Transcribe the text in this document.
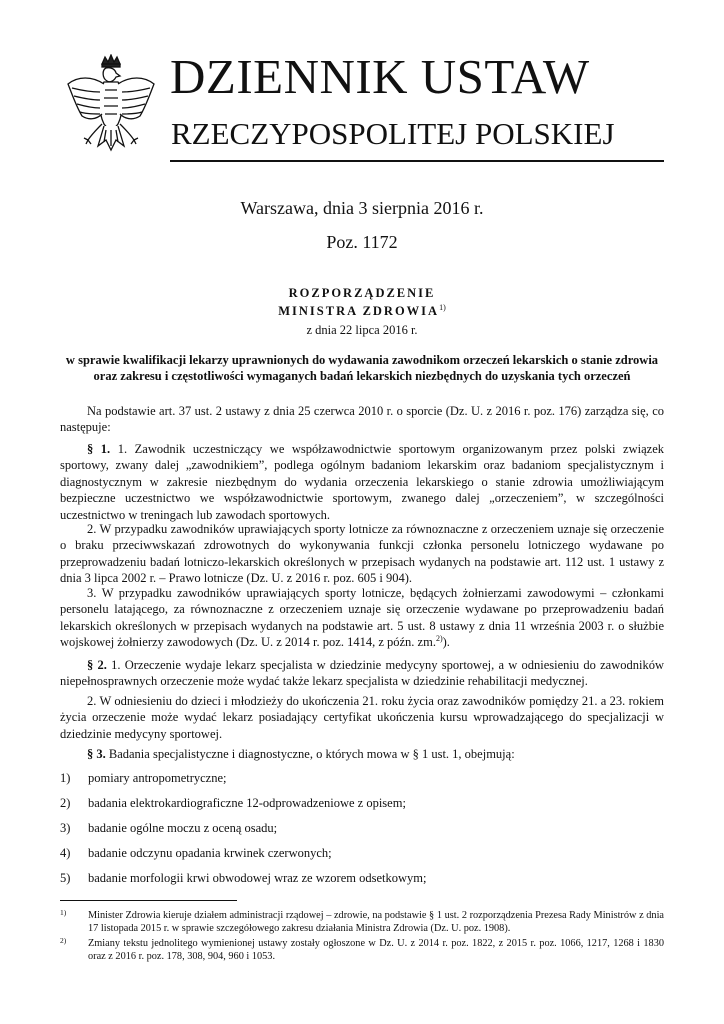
DZIENNIK USTAW
RZECZYPOSPOLITEJ POLSKIEJ
Warszawa, dnia 3 sierpnia 2016 r.
Poz. 1172
ROZPORZĄDZENIE
MINISTRA ZDROWIA$^{1)}$
z dnia 22 lipca 2016 r.
w sprawie kwalifikacji lekarzy uprawnionych do wydawania zawodnikom orzeczeń lekarskich o stanie zdrowia
oraz zakresu i częstotliwości wymaganych badań lekarskich niezbędnych do uzyskania tych orzeczeń

Na podstawie art. 37 ust. 2 ustawy z dnia 25 czerwca 2010 r. o sporcie (Dz. U. z 2016 r. poz. 176) zarządza się, co następuje:

§ 1. 1. Zawodnik uczestniczący we współzawodnictwie sportowym organizowanym przez polski związek sportowy, zwany dalej „zawodnikiem”, podlega ogólnym badaniom lekarskim oraz badaniom specjalistycznym i diagnostycznym w zakresie niezbędnym do wydania orzeczenia lekarskiego o stanie zdrowia umożliwiającym bezpieczne uczestnictwo we współzawodnictwie sportowym, zwanego dalej „orzeczeniem”, w szczególności uczestnictwo w treningach lub zawodach sportowych.

2. W przypadku zawodników uprawiających sporty lotnicze za równoznaczne z orzeczeniem uznaje się orzeczenie o braku przeciwwskazań zdrowotnych do wykonywania funkcji członka personelu lotniczego wydawane po przeprowadzeniu badań lotniczo-lekarskich określonych w przepisach wydanych na podstawie art. 112 ust. 1 ustawy z dnia 3 lipca 2002 r. – Prawo lotnicze (Dz. U. z 2016 r. poz. 605 i 904).

3. W przypadku zawodników uprawiających sporty lotnicze, będących żołnierzami zawodowymi – członkami personelu latającego, za równoznaczne z orzeczeniem uznaje się orzeczenie wydawane po przeprowadzeniu badań lekarskich określonych w przepisach wydanych na podstawie art. 5 ust. 8 ustawy z dnia 11 września 2003 r. o służbie wojskowej żołnierzy zawodowych (Dz. U. z 2014 r. poz. 1414, z późn. zm.$^{2)}$).

§ 2. 1. Orzeczenie wydaje lekarz specjalista w dziedzinie medycyny sportowej, a w odniesieniu do zawodników niepełnosprawnych orzeczenie może wydać także lekarz specjalista w dziedzinie rehabilitacji medycznej.

2. W odniesieniu do dzieci i młodzieży do ukończenia 21. roku życia oraz zawodników pomiędzy 21. a 23. rokiem życia orzeczenie może wydać lekarz posiadający certyfikat ukończenia kursu wprowadzającego do specjalizacji w dziedzinie medycyny sportowej.

§ 3. Badania specjalistyczne i diagnostyczne, o których mowa w § 1 ust. 1, obejmują:

1) pomiary antropometryczne;
2) badania elektrokardiograficzne 12-odprowadzeniowe z opisem;
3) badanie ogólne moczu z oceną osadu;
4) badanie odczynu opadania krwinek czerwonych;
5) badanie morfologii krwi obwodowej wraz ze wzorem odsetkowym;
1) Minister Zdrowia kieruje działem administracji rządowej – zdrowie, na podstawie § 1 ust. 2 rozporządzenia Prezesa Rady Ministrów z dnia 17 listopada 2015 r. w sprawie szczegółowego zakresu działania Ministra Zdrowia (Dz. U. poz. 1908).
2) Zmiany tekstu jednolitego wymienionej ustawy zostały ogłoszone w Dz. U. z 2014 r. poz. 1822, z 2015 r. poz. 1066, 1217, 1268 i 1830 oraz z 2016 r. poz. 178, 308, 904, 960 i 1053.
